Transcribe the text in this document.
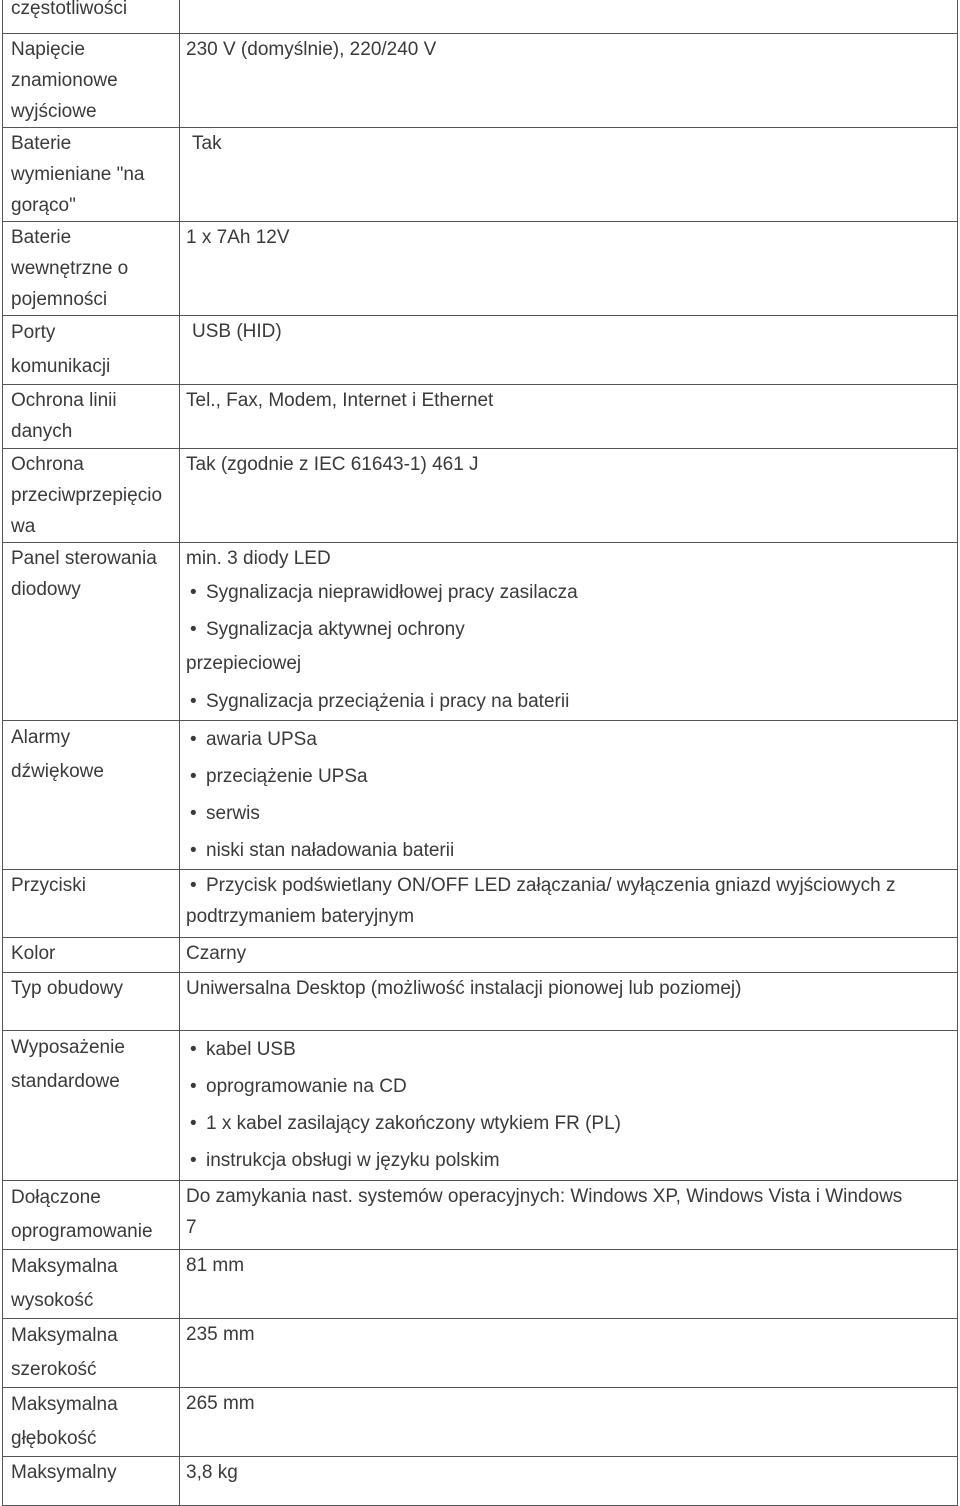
częstotliwości	

Napięcie
znamionowe
wyjściowe	230 V (domyślnie), 220/240 V

Baterie
wymieniane "na
gorąco"	Tak

Baterie
wewnętrzne o
pojemności	1 x 7Ah 12V

Porty
komunikacji	USB (HID)

Ochrona linii
danych	Tel., Fax, Modem, Internet i Ethernet

Ochrona
przeciwprzepięcio
wa	Tak (zgodnie z IEC 61643-1) 461 J

Panel sterowania
diodowy	min. 3 diody LED
• Sygnalizacja nieprawidłowej pracy zasilacza
• Sygnalizacja aktywnej ochrony
przepieciowej
• Sygnalizacja przeciążenia i pracy na baterii

Alarmy
dźwiękowe	• awaria UPSa
• przeciążenie UPSa
• serwis
• niski stan naładowania baterii

Przyciski	• Przycisk podświetlany ON/OFF LED załączania/ wyłączenia gniazd wyjściowych z
podtrzymaniem bateryjnym

Kolor	Czarny

Typ obudowy	Uniwersalna Desktop (możliwość instalacji pionowej lub poziomej)

Wyposażenie
standardowe	• kabel USB
• oprogramowanie na CD
• 1 x kabel zasilający zakończony wtykiem FR (PL)
• instrukcja obsługi w języku polskim

Dołączone
oprogramowanie	Do zamykania nast. systemów operacyjnych: Windows XP, Windows Vista i Windows
7

Maksymalna
wysokość	81 mm

Maksymalna
szerokość	235 mm

Maksymalna
głębokość	265 mm

Maksymalny	3,8 kg
